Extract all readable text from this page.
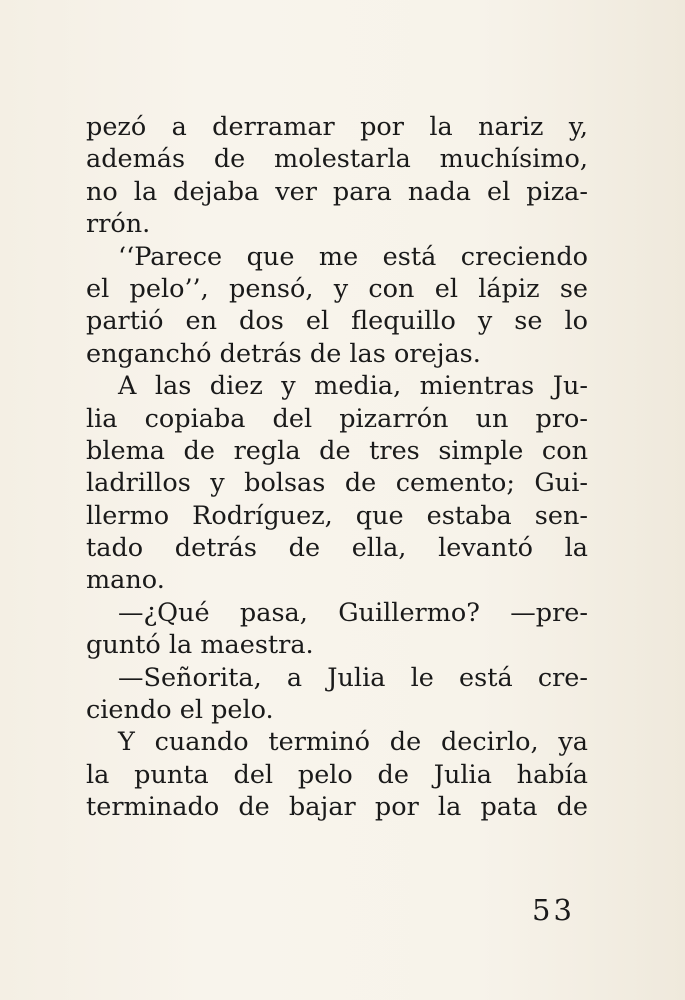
pezó a derramar por la nariz y,
además de molestarla muchísimo,
no la dejaba ver para nada el piza-
rrón.
‘‘Parece que me está creciendo
el pelo’’, pensó, y con el lápiz se
partió en dos el flequillo y se lo
enganchó detrás de las orejas.
A las diez y media, mientras Ju-
lia copiaba del pizarrón un pro-
blema de regla de tres simple con
ladrillos y bolsas de cemento; Gui-
llermo Rodríguez, que estaba sen-
tado detrás de ella, levantó la
mano.
—¿Qué pasa, Guillermo? —pre-
guntó la maestra.
—Señorita, a Julia le está cre-
ciendo el pelo.
Y cuando terminó de decirlo, ya
la punta del pelo de Julia había
terminado de bajar por la pata de
53
